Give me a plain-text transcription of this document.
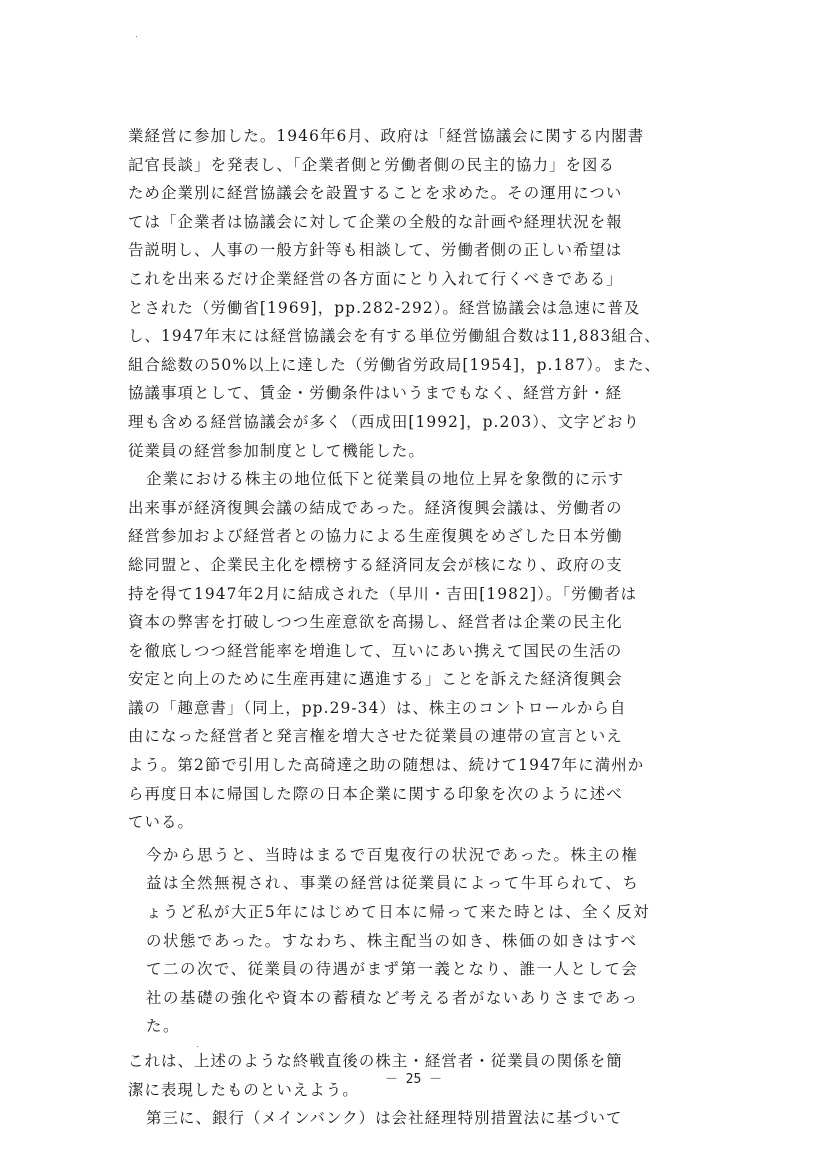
業経営に参加した。1946年6月、政府は「経営協議会に関する内閣書
記官長談」を発表し、「企業者側と労働者側の民主的協力」を図る
ため企業別に経営協議会を設置することを求めた。その運用につい
ては「企業者は協議会に対して企業の全般的な計画や経理状況を報
告説明し、人事の一般方針等も相談して、労働者側の正しい希望は
これを出来るだけ企業経営の各方面にとり入れて行くべきである」
とされた（労働省[1969]，pp.282-292）。経営協議会は急速に普及
し、1947年末には経営協議会を有する単位労働組合数は11,883組合、
組合総数の50%以上に達した（労働省労政局[1954]，p.187）。また、
協議事項として、賃金・労働条件はいうまでもなく、経営方針・経
理も含める経営協議会が多く（西成田[1992]，p.203）、文字どおり
従業員の経営参加制度として機能した。
企業における株主の地位低下と従業員の地位上昇を象徴的に示す
出来事が経済復興会議の結成であった。経済復興会議は、労働者の
経営参加および経営者との協力による生産復興をめざした日本労働
総同盟と、企業民主化を標榜する経済同友会が核になり、政府の支
持を得て1947年2月に結成された（早川・吉田[1982]）。「労働者は
資本の弊害を打破しつつ生産意欲を高揚し、経営者は企業の民主化
を徹底しつつ経営能率を増進して、互いにあい携えて国民の生活の
安定と向上のために生産再建に邁進する」ことを訴えた経済復興会
議の「趣意書」（同上，pp.29-34）は、株主のコントロールから自
由になった経営者と発言権を増大させた従業員の連帯の宣言といえ
よう。第2節で引用した高碕達之助の随想は、続けて1947年に満州か
ら再度日本に帰国した際の日本企業に関する印象を次のように述べ
ている。
今から思うと、当時はまるで百鬼夜行の状況であった。株主の権
益は全然無視され、事業の経営は従業員によって牛耳られて、ち
ょうど私が大正5年にはじめて日本に帰って来た時とは、全く反対
の状態であった。すなわち、株主配当の如き、株価の如きはすべ
て二の次で、従業員の待遇がまず第一義となり、誰一人として会
社の基礎の強化や資本の蓄積など考える者がないありさまであっ
た。
これは、上述のような終戦直後の株主・経営者・従業員の関係を簡
潔に表現したものといえよう。
第三に、銀行（メインバンク）は会社経理特別措置法に基づいて
－ 25 －
